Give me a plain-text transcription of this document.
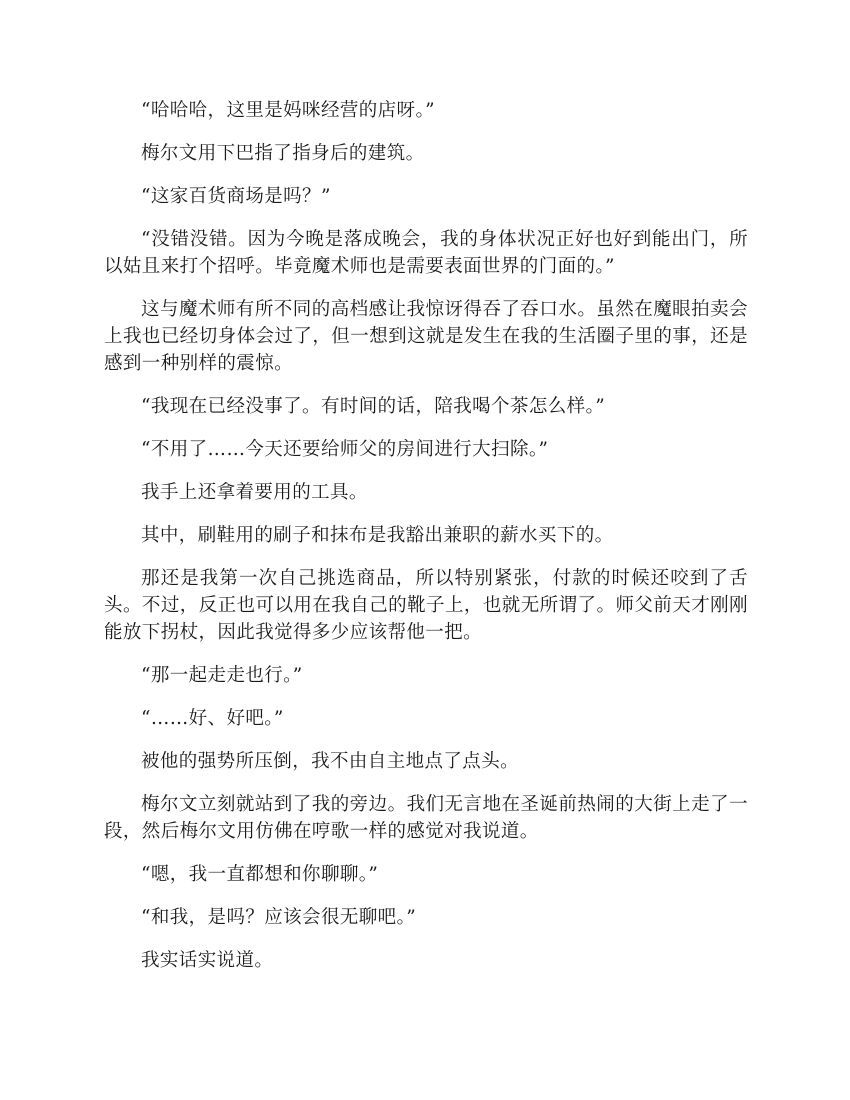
“哈哈哈，这里是妈咪经营的店呀。”

梅尔文用下巴指了指身后的建筑。

“这家百货商场是吗？”

“没错没错。因为今晚是落成晚会，我的身体状况正好也好到能出门，所以姑且来打个招呼。毕竟魔术师也是需要表面世界的门面的。”

这与魔术师有所不同的高档感让我惊讶得吞了吞口水。虽然在魔眼拍卖会上我也已经切身体会过了，但一想到这就是发生在我的生活圈子里的事，还是感到一种别样的震惊。

“我现在已经没事了。有时间的话，陪我喝个茶怎么样。”

“不用了……今天还要给师父的房间进行大扫除。”

我手上还拿着要用的工具。

其中，刷鞋用的刷子和抹布是我豁出兼职的薪水买下的。

那还是我第一次自己挑选商品，所以特别紧张，付款的时候还咬到了舌头。不过，反正也可以用在我自己的靴子上，也就无所谓了。师父前天才刚刚能放下拐杖，因此我觉得多少应该帮他一把。

“那一起走走也行。”

“……好、好吧。”

被他的强势所压倒，我不由自主地点了点头。

梅尔文立刻就站到了我的旁边。我们无言地在圣诞前热闹的大街上走了一段，然后梅尔文用仿佛在哼歌一样的感觉对我说道。

“嗯，我一直都想和你聊聊。”

“和我，是吗？应该会很无聊吧。”

我实话实说道。
